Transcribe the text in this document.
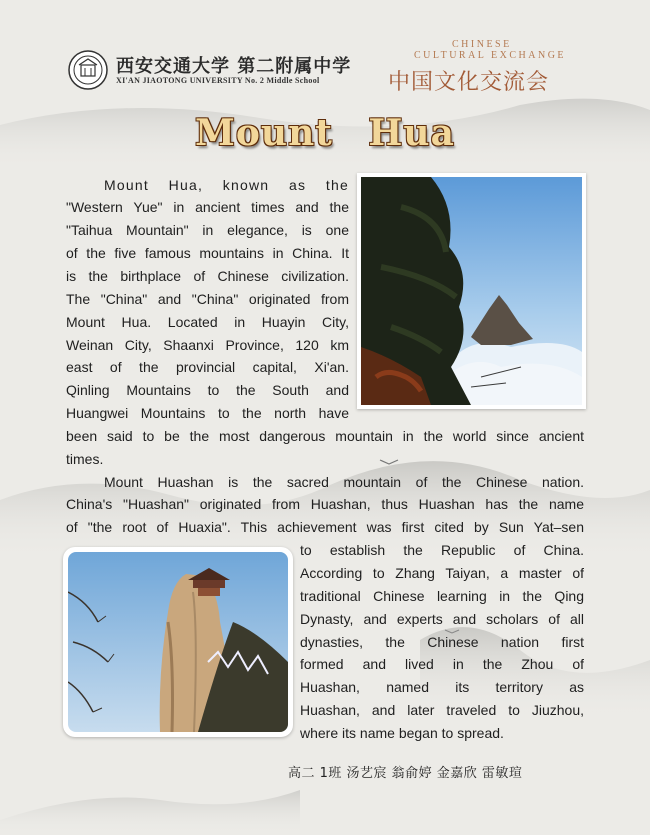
西安交通大学 第二附属中学
XI'AN JIAOTONG UNIVERSITY No. 2 Middle School
CHINESE
CULTURAL EXCHANGE
中国文化交流会
Mount Hua
Mount Hua, known as the
"Western Yue" in ancient times and the
"Taihua Mountain" in elegance, is one
of the five famous mountains in China. It
is the birthplace of Chinese civilization.
The "China" and "China" originated from
Mount Hua. Located in Huayin City,
Weinan City, Shaanxi Province, 120 km
east of the provincial capital, Xi'an.
Qinling Mountains to the South and
Huangwei Mountains to the north have
been said to be the most dangerous mountain in the world since ancient
times.
Mount Huashan is the sacred mountain of the Chinese nation.
China's "Huashan" originated from Huashan, thus Huashan has the name
of "the root of Huaxia". This achievement was first cited by Sun Yat–sen
to establish the Republic of China.
According to Zhang Taiyan, a master of
traditional Chinese learning in the Qing
Dynasty, and experts and scholars of all
dynasties, the Chinese nation first
formed and lived in the Zhou of
Huashan, named its territory as
Huashan, and later traveled to Jiuzhou,
where its name began to spread.
高二 1班 汤艺宸 翁俞婷 金嘉欣 雷敏瑄
